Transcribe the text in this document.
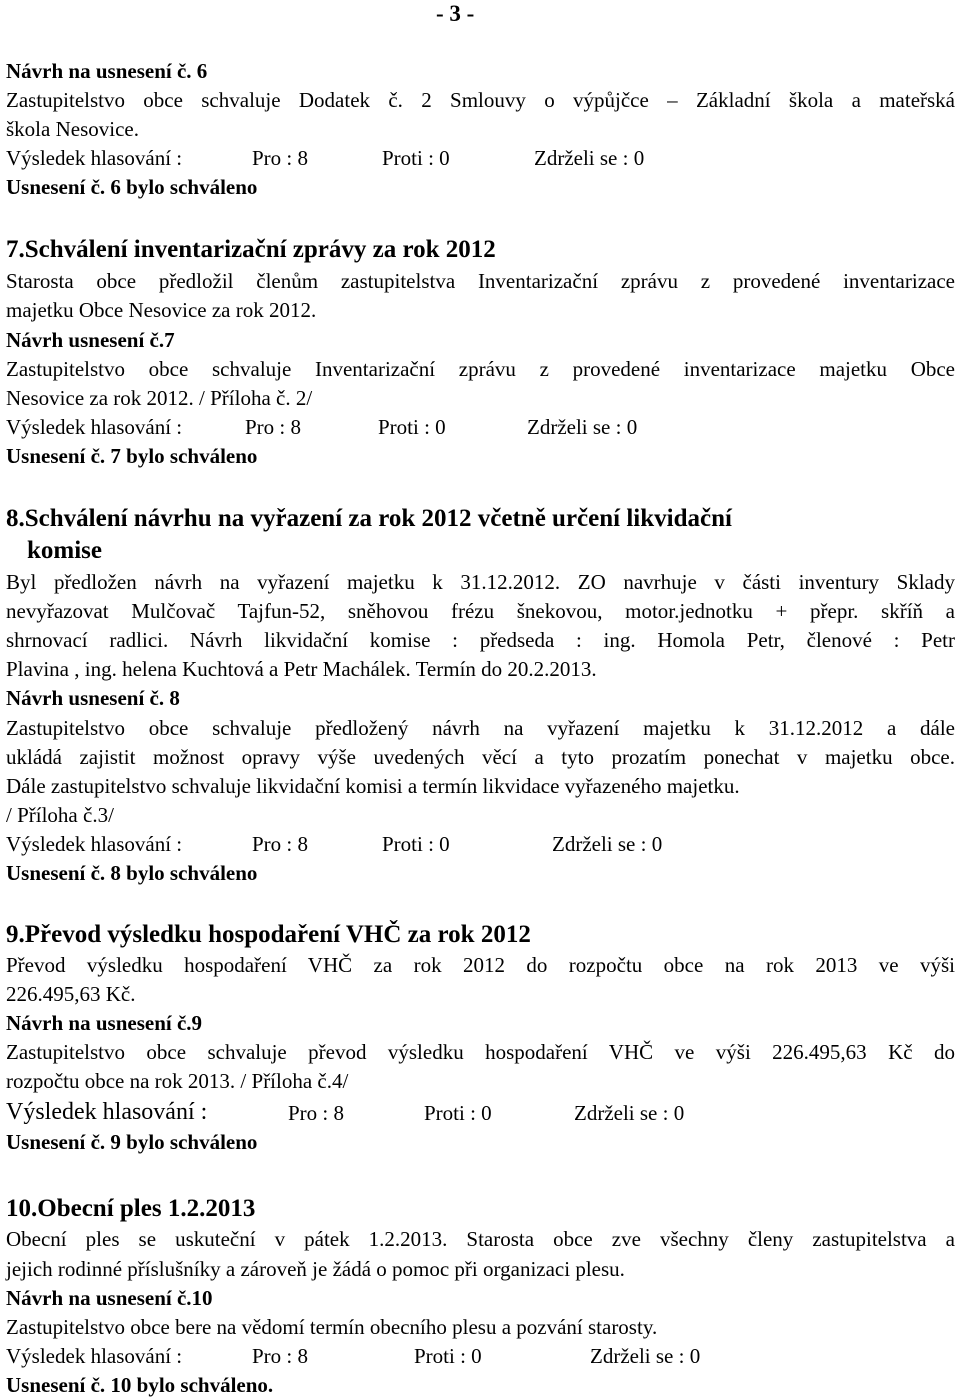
- 3 -
Návrh na usnesení č. 6
Zastupitelstvo obce schvaluje Dodatek č. 2 Smlouvy o výpůjčce – Základní škola a mateřská
škola Nesovice.
Výsledek hlasování :	Pro : 8	Proti : 0	Zdrželi se : 0
Usnesení č. 6 bylo schváleno
7.Schválení inventarizační zprávy za rok 2012
Starosta obce předložil členům zastupitelstva Inventarizační zprávu z provedené inventarizace
majetku Obce Nesovice za rok 2012.
Návrh usnesení č.7
Zastupitelstvo obce schvaluje Inventarizační zprávu z provedené inventarizace majetku Obce
Nesovice za rok 2012. / Příloha č. 2/
Výsledek hlasování :	Pro : 8	Proti : 0	Zdrželi se : 0
Usnesení č. 7 bylo schváleno
8.Schválení návrhu na vyřazení za rok 2012 včetně určení likvidační
komise
Byl předložen návrh na vyřazení majetku k 31.12.2012. ZO navrhuje v části inventury Sklady
nevyřazovat Mulčovač Tajfun-52, sněhovou frézu šnekovou, motor.jednotku + přepr. skříň a
shrnovací radlici. Návrh likvidační komise : předseda : ing. Homola Petr, členové : Petr
Plavina , ing. helena Kuchtová a Petr Machálek. Termín do 20.2.2013.
Návrh usnesení č. 8
Zastupitelstvo obce schvaluje předložený návrh na vyřazení majetku k 31.12.2012 a dále
ukládá zajistit možnost opravy výše uvedených věcí a tyto prozatím ponechat v majetku obce.
Dále zastupitelstvo schvaluje likvidační komisi a termín likvidace vyřazeného majetku.
/ Příloha č.3/
Výsledek hlasování :	Pro : 8	Proti : 0	Zdrželi se : 0
Usnesení č. 8 bylo schváleno
9.Převod výsledku hospodaření VHČ za rok 2012
Převod výsledku hospodaření VHČ za rok 2012 do rozpočtu obce na rok 2013 ve výši
226.495,63 Kč.
Návrh na usnesení č.9
Zastupitelstvo obce schvaluje převod výsledku hospodaření VHČ ve výši 226.495,63 Kč do
rozpočtu obce na rok 2013. / Příloha č.4/
Výsledek hlasování :	Pro : 8	Proti : 0	Zdrželi se : 0
Usnesení č. 9 bylo schváleno
10.Obecní ples 1.2.2013
Obecní ples se uskuteční v pátek 1.2.2013. Starosta obce zve všechny členy zastupitelstva a
jejich rodinné příslušníky a zároveň je žádá o pomoc při organizaci plesu.
Návrh na usnesení č.10
Zastupitelstvo obce bere na vědomí termín obecního plesu a pozvání starosty.
Výsledek hlasování :	Pro : 8	Proti : 0	Zdrželi se : 0
Usnesení č. 10 bylo schváleno.
